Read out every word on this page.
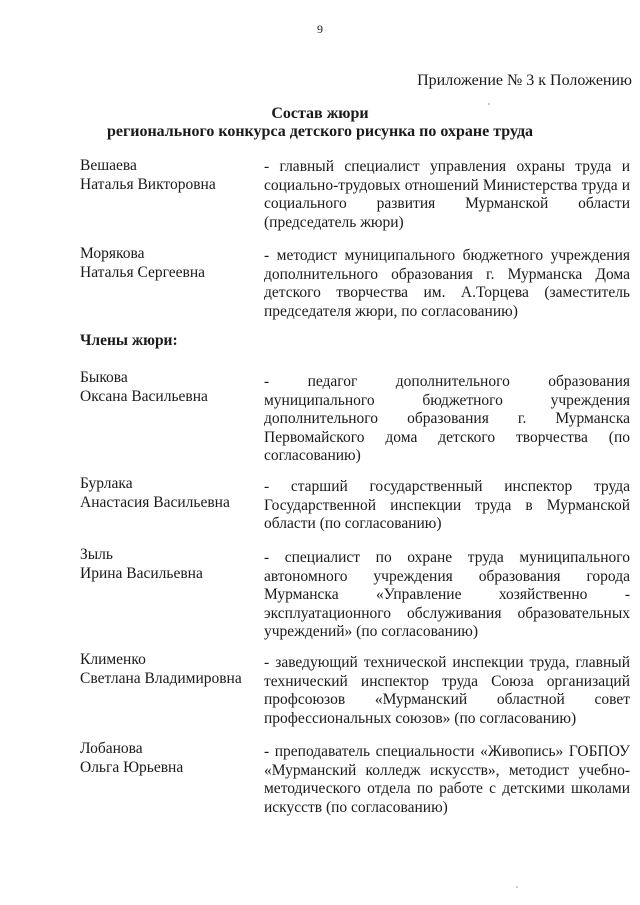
9
Приложение № 3 к Положению
Состав жюри
регионального конкурса детского рисунка по охране труда
Вешаева
Наталья Викторовна
- главный специалист управления охраны труда и социально-трудовых отношений Министерства труда и социального развития Мурманской области (председатель жюри)
Морякова
Наталья Сергеевна
- методист муниципального бюджетного учреждения дополнительного образования г. Мурманска Дома детского творчества им. А.Торцева (заместитель председателя жюри, по согласованию)
Члены жюри:
Быкова
Оксана Васильевна
- педагог дополнительного образования муниципального бюджетного учреждения дополнительного образования г. Мурманска Первомайского дома детского творчества (по согласованию)
Бурлака
Анастасия Васильевна
- старший государственный инспектор труда Государственной инспекции труда в Мурманской области (по согласованию)
Зыль
Ирина Васильевна
- специалист по охране труда муниципального автономного учреждения образования города Мурманска «Управление хозяйственно - эксплуатационного обслуживания образовательных учреждений» (по согласованию)
Клименко
Светлана Владимировна
- заведующий технической инспекции труда, главный технический инспектор труда Союза организаций профсоюзов «Мурманский областной совет профессиональных союзов» (по согласованию)
Лобанова
Ольга Юрьевна
- преподаватель специальности «Живопись» ГОБПОУ «Мурманский колледж искусств», методист учебно-методического отдела по работе с детскими школами искусств (по согласованию)
